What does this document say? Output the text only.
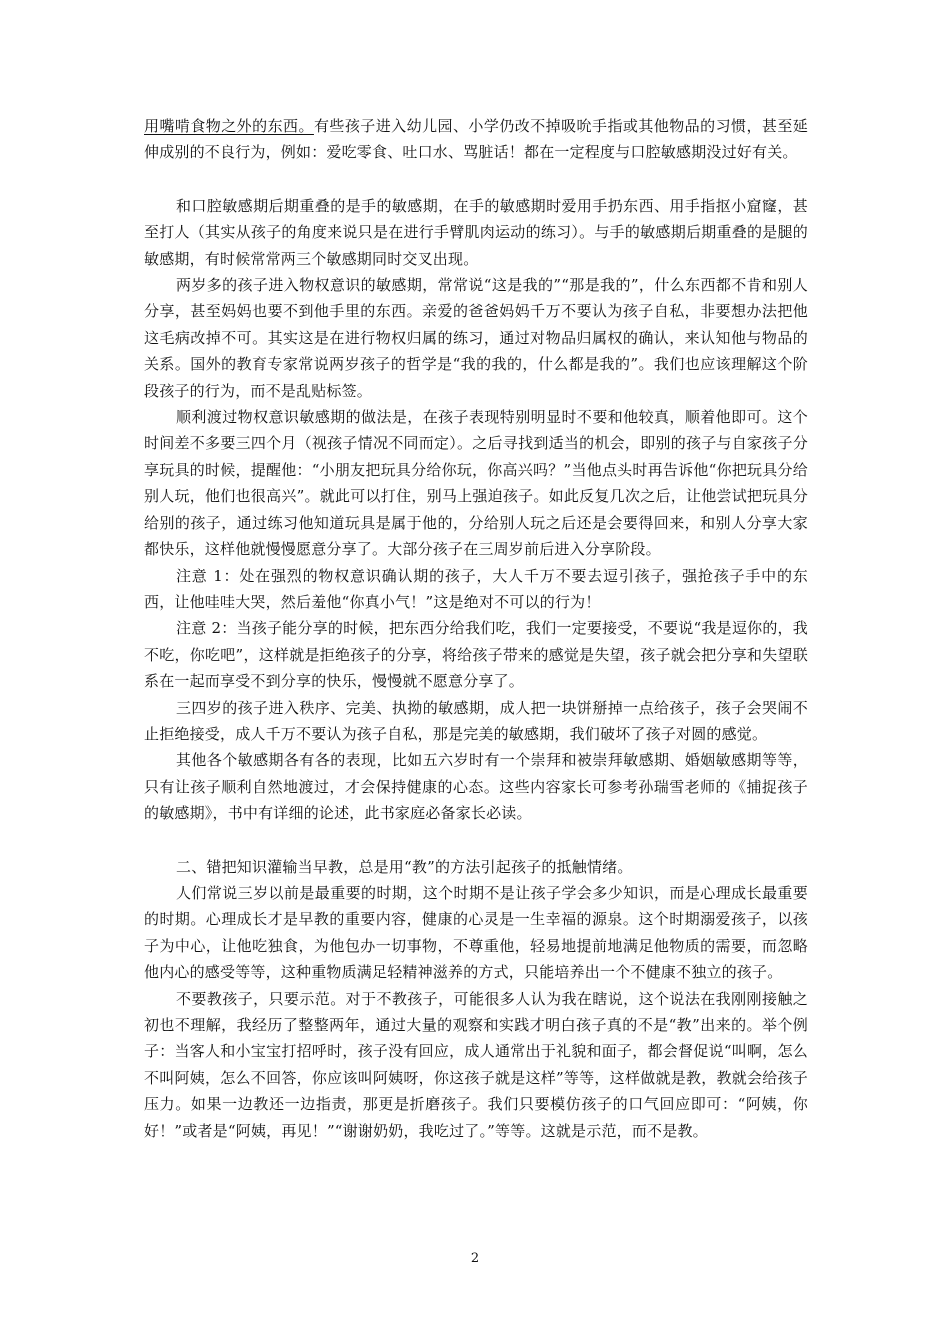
用嘴啃食物之外的东西。有些孩子进入幼儿园、小学仍改不掉吸吮手指或其他物品的习惯，甚至延伸成别的不良行为，例如：爱吃零食、吐口水、骂脏话！都在一定程度与口腔敏感期没过好有关。

和口腔敏感期后期重叠的是手的敏感期，在手的敏感期时爱用手扔东西、用手指抠小窟窿，甚至打人（其实从孩子的角度来说只是在进行手臂肌肉运动的练习）。与手的敏感期后期重叠的是腿的敏感期，有时候常常两三个敏感期同时交叉出现。

两岁多的孩子进入物权意识的敏感期，常常说“这是我的”“那是我的”，什么东西都不肯和别人分享，甚至妈妈也要不到他手里的东西。亲爱的爸爸妈妈千万不要认为孩子自私，非要想办法把他这毛病改掉不可。其实这是在进行物权归属的练习，通过对物品归属权的确认，来认知他与物品的关系。国外的教育专家常说两岁孩子的哲学是“我的我的，什么都是我的”。我们也应该理解这个阶段孩子的行为，而不是乱贴标签。

顺利渡过物权意识敏感期的做法是，在孩子表现特别明显时不要和他较真，顺着他即可。这个时间差不多要三四个月（视孩子情况不同而定）。之后寻找到适当的机会，即别的孩子与自家孩子分享玩具的时候，提醒他：“小朋友把玩具分给你玩，你高兴吗？”当他点头时再告诉他“你把玩具分给别人玩，他们也很高兴”。就此可以打住，别马上强迫孩子。如此反复几次之后，让他尝试把玩具分给别的孩子，通过练习他知道玩具是属于他的，分给别人玩之后还是会要得回来，和别人分享大家都快乐，这样他就慢慢愿意分享了。大部分孩子在三周岁前后进入分享阶段。

注意 1：处在强烈的物权意识确认期的孩子，大人千万不要去逗引孩子，强抢孩子手中的东西，让他哇哇大哭，然后羞他“你真小气！”这是绝对不可以的行为！

注意 2：当孩子能分享的时候，把东西分给我们吃，我们一定要接受，不要说“我是逗你的，我不吃，你吃吧”，这样就是拒绝孩子的分享，将给孩子带来的感觉是失望，孩子就会把分享和失望联系在一起而享受不到分享的快乐，慢慢就不愿意分享了。

三四岁的孩子进入秩序、完美、执拗的敏感期，成人把一块饼掰掉一点给孩子，孩子会哭闹不止拒绝接受，成人千万不要认为孩子自私，那是完美的敏感期，我们破坏了孩子对圆的感觉。

其他各个敏感期各有各的表现，比如五六岁时有一个崇拜和被崇拜敏感期、婚姻敏感期等等，只有让孩子顺利自然地渡过，才会保持健康的心态。这些内容家长可参考孙瑞雪老师的《捕捉孩子的敏感期》，书中有详细的论述，此书家庭必备家长必读。

二、错把知识灌输当早教，总是用“教”的方法引起孩子的抵触情绪。

人们常说三岁以前是最重要的时期，这个时期不是让孩子学会多少知识，而是心理成长最重要的时期。心理成长才是早教的重要内容，健康的心灵是一生幸福的源泉。这个时期溺爱孩子，以孩子为中心，让他吃独食，为他包办一切事物，不尊重他，轻易地提前地满足他物质的需要，而忽略他内心的感受等等，这种重物质满足轻精神滋养的方式，只能培养出一个不健康不独立的孩子。

不要教孩子，只要示范。对于不教孩子，可能很多人认为我在瞎说，这个说法在我刚刚接触之初也不理解，我经历了整整两年，通过大量的观察和实践才明白孩子真的不是“教”出来的。举个例子：当客人和小宝宝打招呼时，孩子没有回应，成人通常出于礼貌和面子，都会督促说“叫啊，怎么不叫阿姨，怎么不回答，你应该叫阿姨呀，你这孩子就是这样”等等，这样做就是教，教就会给孩子压力。如果一边教还一边指责，那更是折磨孩子。我们只要模仿孩子的口气回应即可：“阿姨，你好！”或者是“阿姨，再见！”“谢谢奶奶，我吃过了。”等等。这就是示范，而不是教。

2
